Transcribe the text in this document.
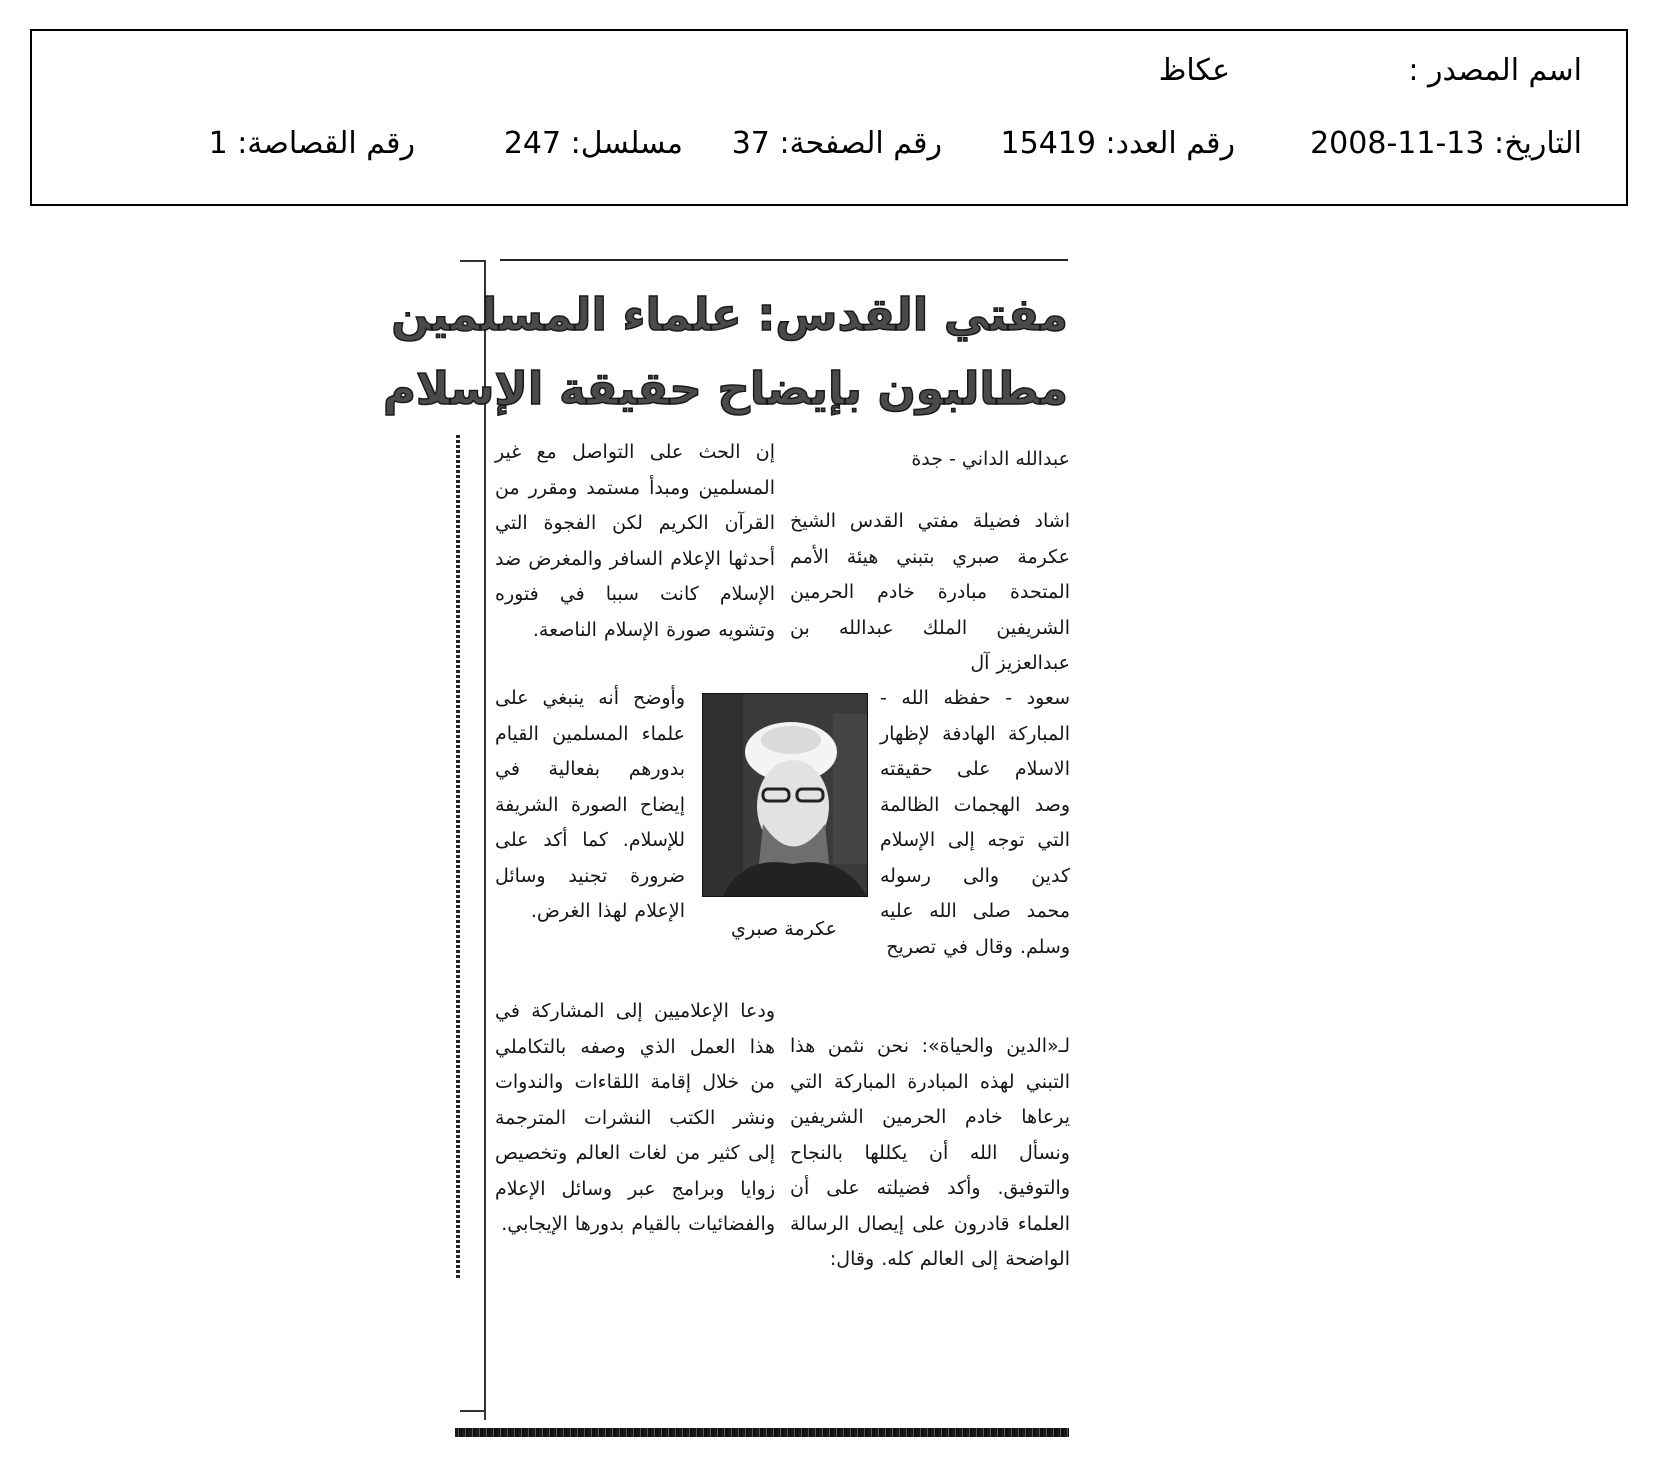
اسم المصدر :
عكاظ
التاريخ: 13-11-2008
رقم العدد: 15419
رقم الصفحة: 37
مسلسل: 247
رقم القصاصة: 1
مفتي القدس: علماء المسلمين
مطالبون بإيضاح حقيقة الإسلام
عبدالله الداني - جدة
اشاد فضيلة مفتي القدس الشيخ عكرمة صبري بتبني هيئة الأمم المتحدة مبادرة خادم الحرمين الشريفين الملك عبدالله بن عبدالعزيز آل
سعود - حفظه الله - المباركة الهادفة لإظهار الاسلام على حقيقته وصد الهجمات الظالمة التي توجه إلى الإسلام كدين والى رسوله محمد صلى الله عليه وسلم. وقال في تصريح
لـ«الدين والحياة»: نحن نثمن هذا التبني لهذه المبادرة المباركة التي يرعاها خادم الحرمين الشريفين ونسأل الله أن يكللها بالنجاح والتوفيق. وأكد فضيلته على أن العلماء قادرون على إيصال الرسالة الواضحة إلى العالم كله. وقال:
إن الحث على التواصل مع غير المسلمين ومبدأ مستمد ومقرر من القرآن الكريم لكن الفجوة التي أحدثها الإعلام السافر والمغرض ضد الإسلام كانت سببا في فتوره وتشويه صورة الإسلام الناصعة.
وأوضح أنه ينبغي على علماء المسلمين القيام بدورهم بفعالية في إيضاح الصورة الشريفة للإسلام. كما أكد على ضرورة تجنيد وسائل الإعلام لهذا الغرض.
ودعا الإعلاميين إلى المشاركة في هذا العمل الذي وصفه بالتكاملي من خلال إقامة اللقاءات والندوات ونشر الكتب النشرات المترجمة إلى كثير من لغات العالم وتخصيص زوايا وبرامج عبر وسائل الإعلام والفضائيات بالقيام بدورها الإيجابي.
عكرمة صبري
